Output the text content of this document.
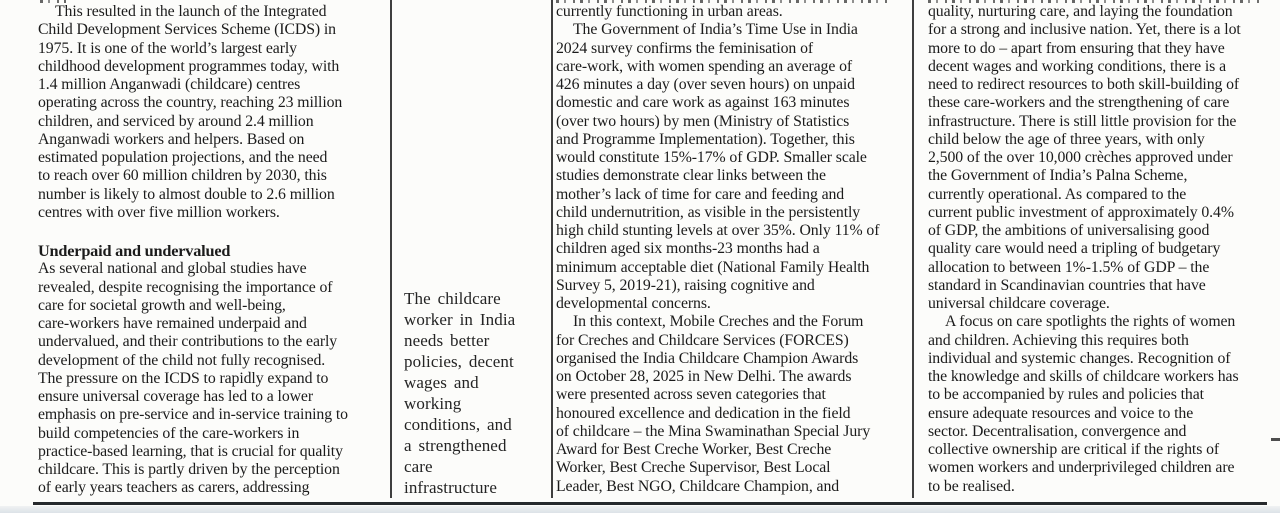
This resulted in the launch of the Integrated
Child Development Services Scheme (ICDS) in
1975. It is one of the world’s largest early
childhood development programmes today, with
1.4 million Anganwadi (childcare) centres
operating across the country, reaching 23 million
children, and serviced by around 2.4 million
Anganwadi workers and helpers. Based on
estimated population projections, and the need
to reach over 60 million children by 2030, this
number is likely to almost double to 2.6 million
centres with over five million workers.
Underpaid and undervalued
As several national and global studies have
revealed, despite recognising the importance of
care for societal growth and well-being,
care-workers have remained underpaid and
undervalued, and their contributions to the early
development of the child not fully recognised.
The pressure on the ICDS to rapidly expand to
ensure universal coverage has led to a lower
emphasis on pre-service and in-service training to
build competencies of the care-workers in
practice-based learning, that is crucial for quality
childcare. This is partly driven by the perception
of early years teachers as carers, addressing
The childcare
worker in India
needs better
policies, decent
wages and
working
conditions, and
a strengthened
care
infrastructure
currently functioning in urban areas.
The Government of India’s Time Use in India
2024 survey confirms the feminisation of
care-work, with women spending an average of
426 minutes a day (over seven hours) on unpaid
domestic and care work as against 163 minutes
(over two hours) by men (Ministry of Statistics
and Programme Implementation). Together, this
would constitute 15%-17% of GDP. Smaller scale
studies demonstrate clear links between the
mother’s lack of time for care and feeding and
child undernutrition, as visible in the persistently
high child stunting levels at over 35%. Only 11% of
children aged six months-23 months had a
minimum acceptable diet (National Family Health
Survey 5, 2019-21), raising cognitive and
developmental concerns.
In this context, Mobile Creches and the Forum
for Creches and Childcare Services (FORCES)
organised the India Childcare Champion Awards
on October 28, 2025 in New Delhi. The awards
were presented across seven categories that
honoured excellence and dedication in the field
of childcare – the Mina Swaminathan Special Jury
Award for Best Creche Worker, Best Creche
Worker, Best Creche Supervisor, Best Local
Leader, Best NGO, Childcare Champion, and
quality, nurturing care, and laying the foundation
for a strong and inclusive nation. Yet, there is a lot
more to do – apart from ensuring that they have
decent wages and working conditions, there is a
need to redirect resources to both skill-building of
these care-workers and the strengthening of care
infrastructure. There is still little provision for the
child below the age of three years, with only
2,500 of the over 10,000 crèches approved under
the Government of India’s Palna Scheme,
currently operational. As compared to the
current public investment of approximately 0.4%
of GDP, the ambitions of universalising good
quality care would need a tripling of budgetary
allocation to between 1%-1.5% of GDP – the
standard in Scandinavian countries that have
universal childcare coverage.
A focus on care spotlights the rights of women
and children. Achieving this requires both
individual and systemic changes. Recognition of
the knowledge and skills of childcare workers has
to be accompanied by rules and policies that
ensure adequate resources and voice to the
sector. Decentralisation, convergence and
collective ownership are critical if the rights of
women workers and underprivileged children are
to be realised.
